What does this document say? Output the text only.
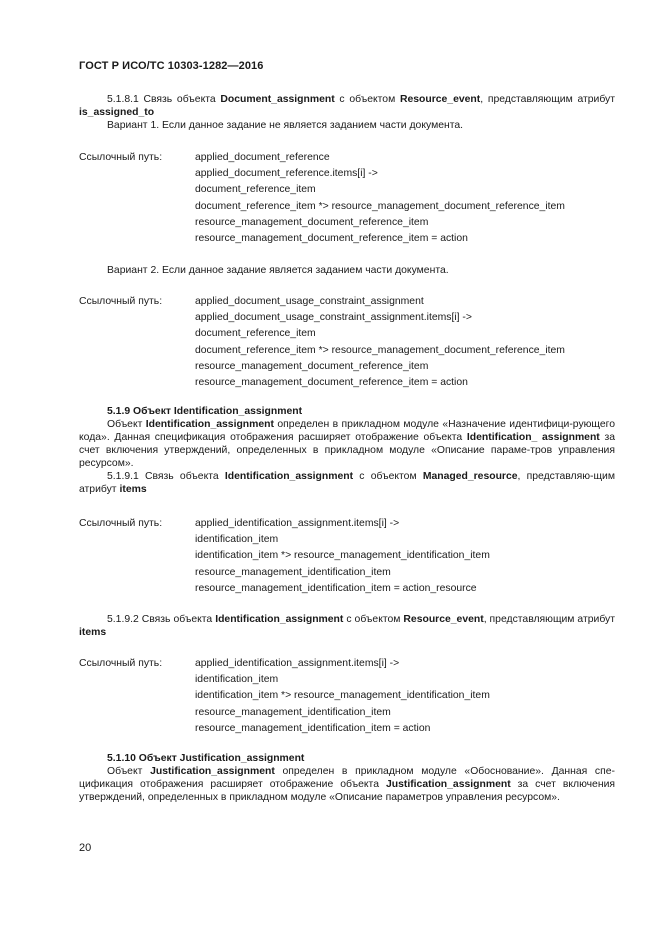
ГОСТ Р ИСО/ТС 10303-1282—2016

5.1.8.1 Связь объекта Document_assignment с объектом Resource_event, представляющим атрибут is_assigned_to

Вариант 1. Если данное задание не является заданием части документа.

Ссылочный путь:	applied_document_reference
applied_document_reference.items[i] ->
document_reference_item
document_reference_item *> resource_management_document_reference_item
resource_management_document_reference_item
resource_management_document_reference_item = action

Вариант 2. Если данное задание является заданием части документа.

Ссылочный путь:	applied_document_usage_constraint_assignment
applied_document_usage_constraint_assignment.items[i] ->
document_reference_item
document_reference_item *> resource_management_document_reference_item
resource_management_document_reference_item
resource_management_document_reference_item = action

5.1.9 Объект Identification_assignment

Объект Identification_assignment определен в прикладном модуле «Назначение идентифици-рующего кода». Данная спецификация отображения расширяет отображение объекта Identification_ assignment за счет включения утверждений, определенных в прикладном модуле «Описание параме-тров управления ресурсом».

5.1.9.1 Связь объекта Identification_assignment с объектом Managed_resource, представляю-щим атрибут items

Ссылочный путь:	applied_identification_assignment.items[i] ->
identification_item
identification_item *> resource_management_identification_item
resource_management_identification_item
resource_management_identification_item = action_resource

5.1.9.2 Связь объекта Identification_assignment с объектом Resource_event, представляющим атрибут items

Ссылочный путь:	applied_identification_assignment.items[i] ->
identification_item
identification_item *> resource_management_identification_item
resource_management_identification_item
resource_management_identification_item = action

5.1.10 Объект Justification_assignment

Объект Justification_assignment определен в прикладном модуле «Обоснование». Данная спе-цификация отображения расширяет отображение объекта Justification_assignment за счет включения утверждений, определенных в прикладном модуле «Описание параметров управления ресурсом».

20
